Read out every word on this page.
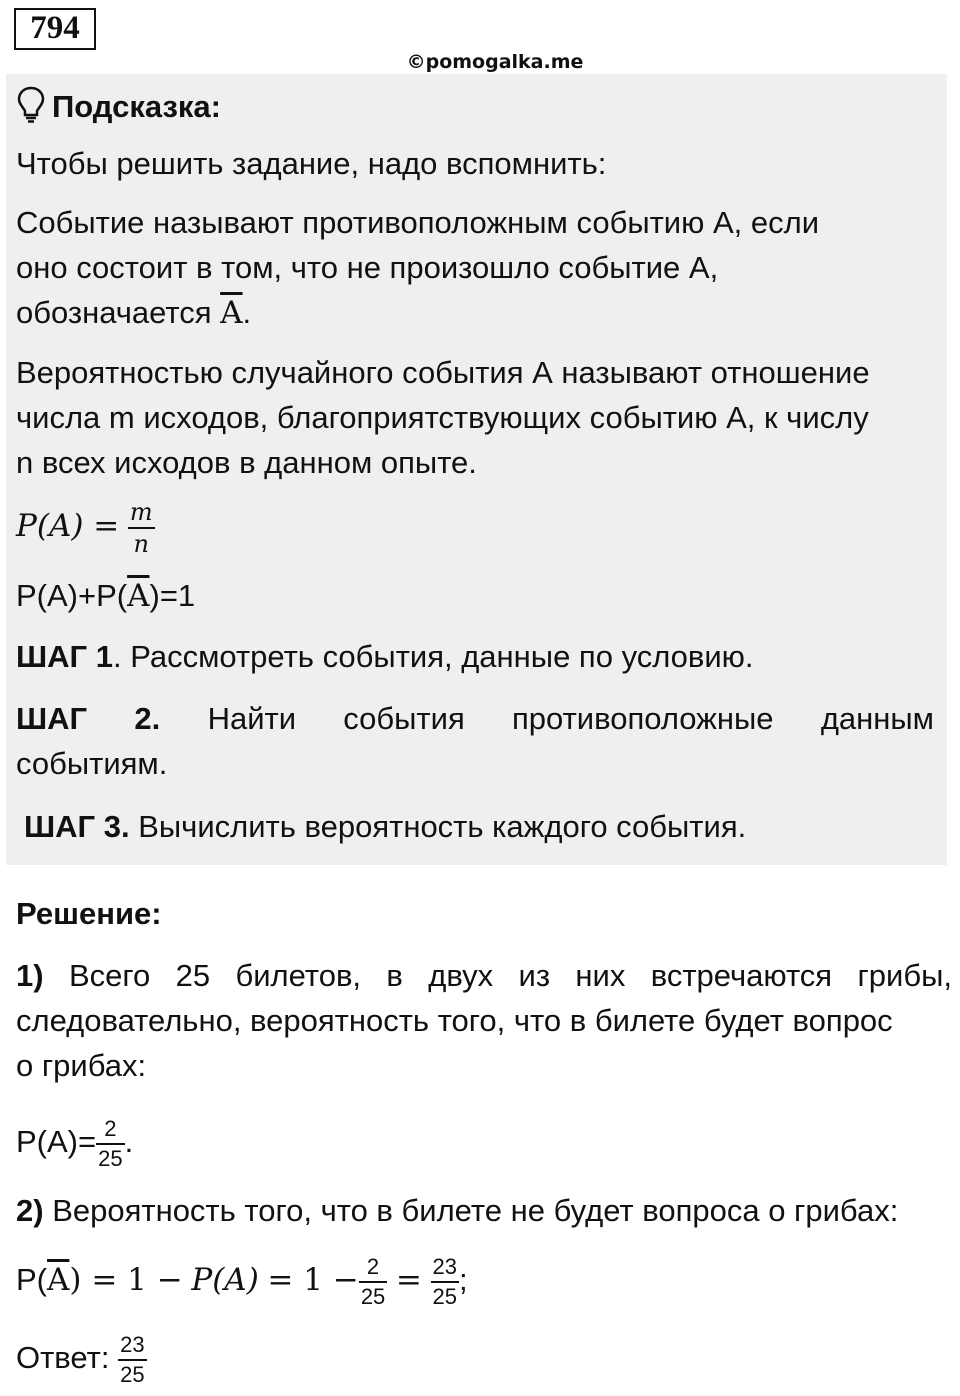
794
©pomogalka.me
Подсказка:
Чтобы решить задание, надо вспомнить:
Событие называют противоположным событию А, если
оно состоит в том, что не произошло событие А,
обозначается $\overline{A}$.
Вероятностью случайного события А называют отношение
числа m исходов, благоприятствующих событию А, к числу
n всех исходов в данном опыте.
$P(A) = \frac{m}{n}$
$P(A)+P(\overline{A})=1$
ШАГ 1. Рассмотреть события, данные по условию.
ШАГ 2. Найти события противоположные данным
событиям.
ШАГ 3. Вычислить вероятность каждого события.
Решение:
1) Всего 25 билетов, в двух из них встречаются грибы,
следовательно, вероятность того, что в билете будет вопрос
о грибах:
$P(A)= \frac{2}{25}$ .
2) Вероятность того, что в билете не будет вопроса о грибах:
$P(\overline{A}) = 1 - P(A) = 1 - \frac{2}{25} = \frac{23}{25}$ ;
Ответ: $\frac{23}{25}$
